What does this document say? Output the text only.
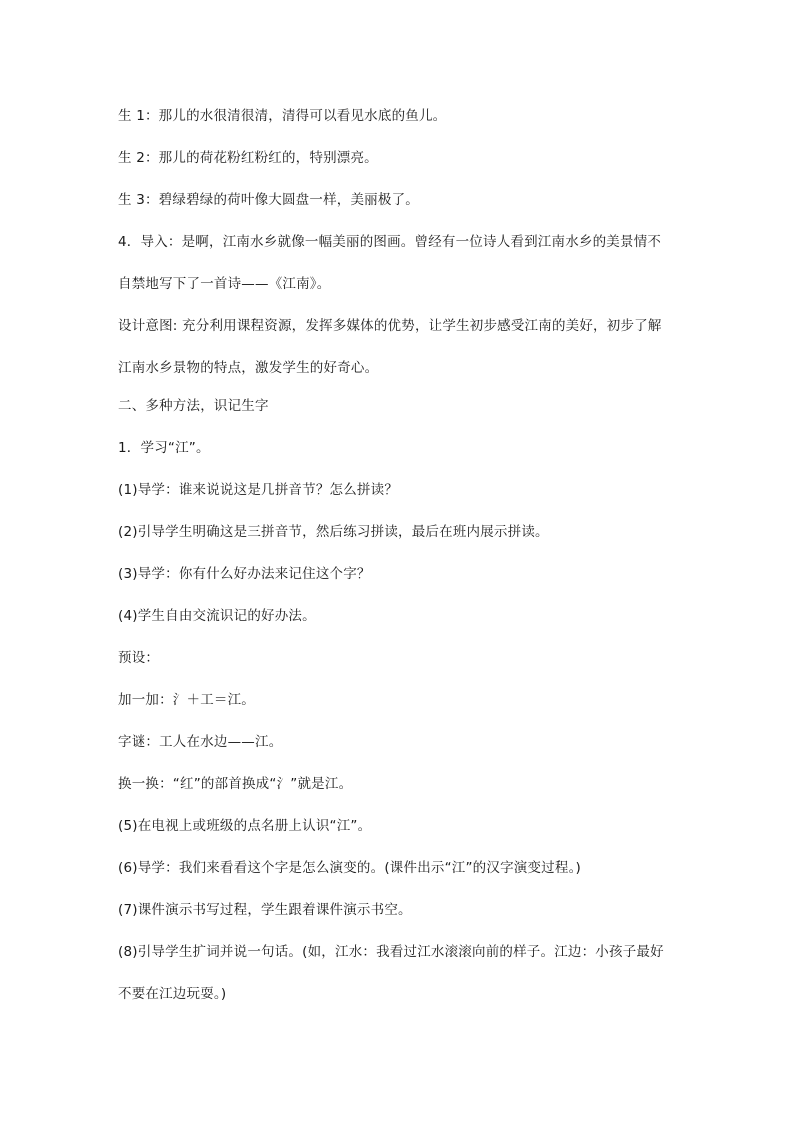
生 1：那儿的水很清很清，清得可以看见水底的鱼儿。
生 2：那儿的荷花粉红粉红的，特别漂亮。
生 3：碧绿碧绿的荷叶像大圆盘一样，美丽极了。
4．导入：是啊，江南水乡就像一幅美丽的图画。曾经有一位诗人看到江南水乡的美景情不
自禁地写下了一首诗——《江南》。
设计意图: 充分利用课程资源，发挥多媒体的优势，让学生初步感受江南的美好，初步了解
江南水乡景物的特点，激发学生的好奇心。
二、多种方法，识记生字
1．学习“江”。
(1)导学：谁来说说这是几拼音节？怎么拼读？
(2)引导学生明确这是三拼音节，然后练习拼读，最后在班内展示拼读。
(3)导学：你有什么好办法来记住这个字？
(4)学生自由交流识记的好办法。
预设：
加一加：氵＋工＝江。
字谜：工人在水边——江。
换一换：“红”的部首换成“氵”就是江。
(5)在电视上或班级的点名册上认识“江”。
(6)导学：我们来看看这个字是怎么演变的。(课件出示“江”的汉字演变过程。)
(7)课件演示书写过程，学生跟着课件演示书空。
(8)引导学生扩词并说一句话。(如，江水：我看过江水滚滚向前的样子。江边：小孩子最好
不要在江边玩耍。)
